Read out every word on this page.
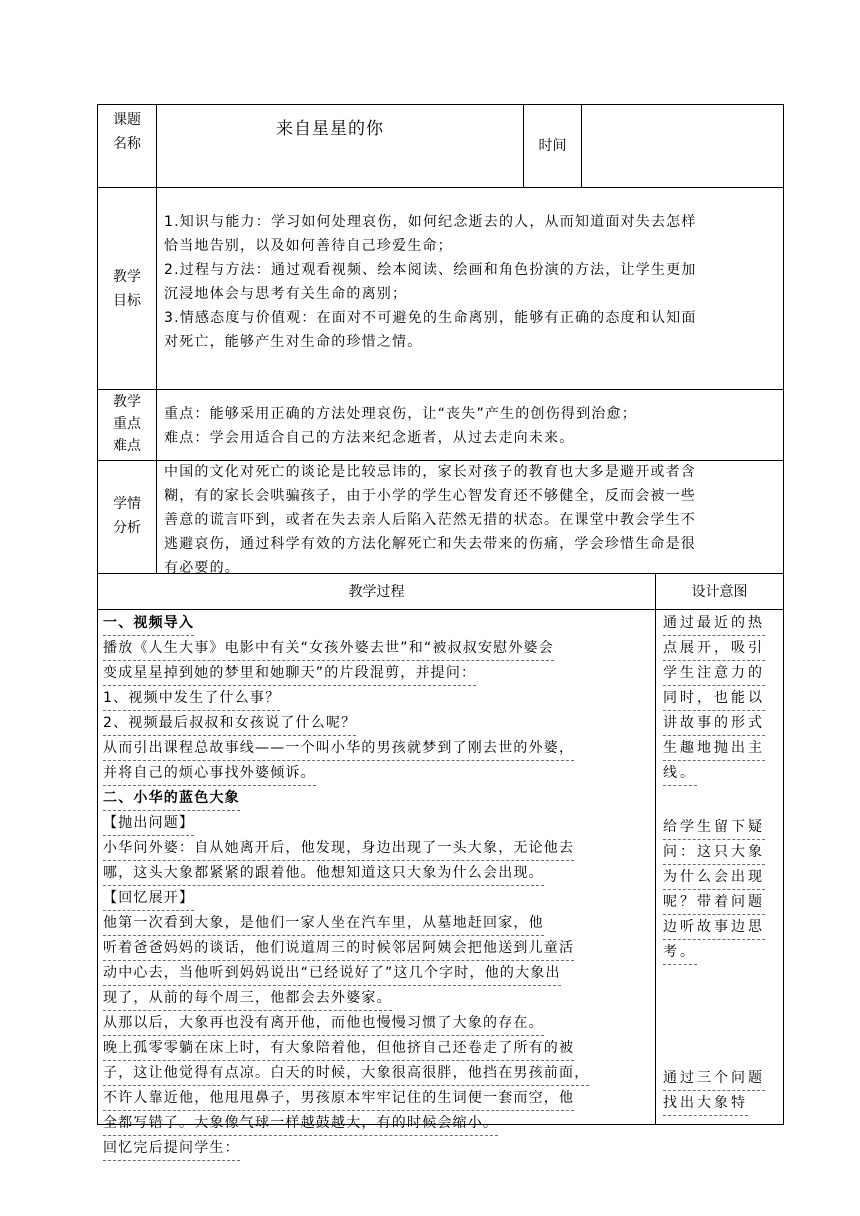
课题
名称
来自星星的你
时间
教学
目标
1.知识与能力：学习如何处理哀伤，如何纪念逝去的人，从而知道面对失去怎样
恰当地告别，以及如何善待自己珍爱生命；
2.过程与方法：通过观看视频、绘本阅读、绘画和角色扮演的方法，让学生更加
沉浸地体会与思考有关生命的离别；
3.情感态度与价值观：在面对不可避免的生命离别，能够有正确的态度和认知面
对死亡，能够产生对生命的珍惜之情。
教学
重点
难点
重点：能够采用正确的方法处理哀伤，让“丧失”产生的创伤得到治愈；
难点：学会用适合自己的方法来纪念逝者，从过去走向未来。
学情
分析
中国的文化对死亡的谈论是比较忌讳的，家长对孩子的教育也大多是避开或者含
糊，有的家长会哄骗孩子，由于小学的学生心智发育还不够健全，反而会被一些
善意的谎言吓到，或者在失去亲人后陷入茫然无措的状态。在课堂中教会学生不
逃避哀伤，通过科学有效的方法化解死亡和失去带来的伤痛，学会珍惜生命是很
有必要的。
教学过程	设计意图
一、视频导入
播放《人生大事》电影中有关“女孩外婆去世”和“被叔叔安慰外婆会
变成星星掉到她的梦里和她聊天”的片段混剪，并提问：
1、视频中发生了什么事？
2、视频最后叔叔和女孩说了什么呢？
从而引出课程总故事线——一个叫小华的男孩就梦到了刚去世的外婆，
并将自己的烦心事找外婆倾诉。
二、小华的蓝色大象
【抛出问题】
小华问外婆：自从她离开后，他发现，身边出现了一头大象，无论他去
哪，这头大象都紧紧的跟着他。他想知道这只大象为什么会出现。
【回忆展开】
他第一次看到大象，是他们一家人坐在汽车里，从墓地赶回家，他
听着爸爸妈妈的谈话，他们说道周三的时候邻居阿姨会把他送到儿童活
动中心去，当他听到妈妈说出“已经说好了”这几个字时，他的大象出
现了，从前的每个周三，他都会去外婆家。
从那以后，大象再也没有离开他，而他也慢慢习惯了大象的存在。
晚上孤零零躺在床上时，有大象陪着他，但他挤自己还卷走了所有的被
子，这让他觉得有点凉。白天的时候，大象很高很胖，他挡在男孩前面，
不许人靠近他，他甩甩鼻子，男孩原本牢牢记住的生词便一套而空，他
全都写错了。大象像气球一样越鼓越大，有的时候会缩小。
回忆完后提问学生：
通过最近的热
点展开，吸引
学生注意力的
同时，也能以
讲故事的形式
生趣地抛出主
线。
给学生留下疑
问：这只大象
为什么会出现
呢？带着问题
边听故事边思
考。
通过三个问题
找出大象特
